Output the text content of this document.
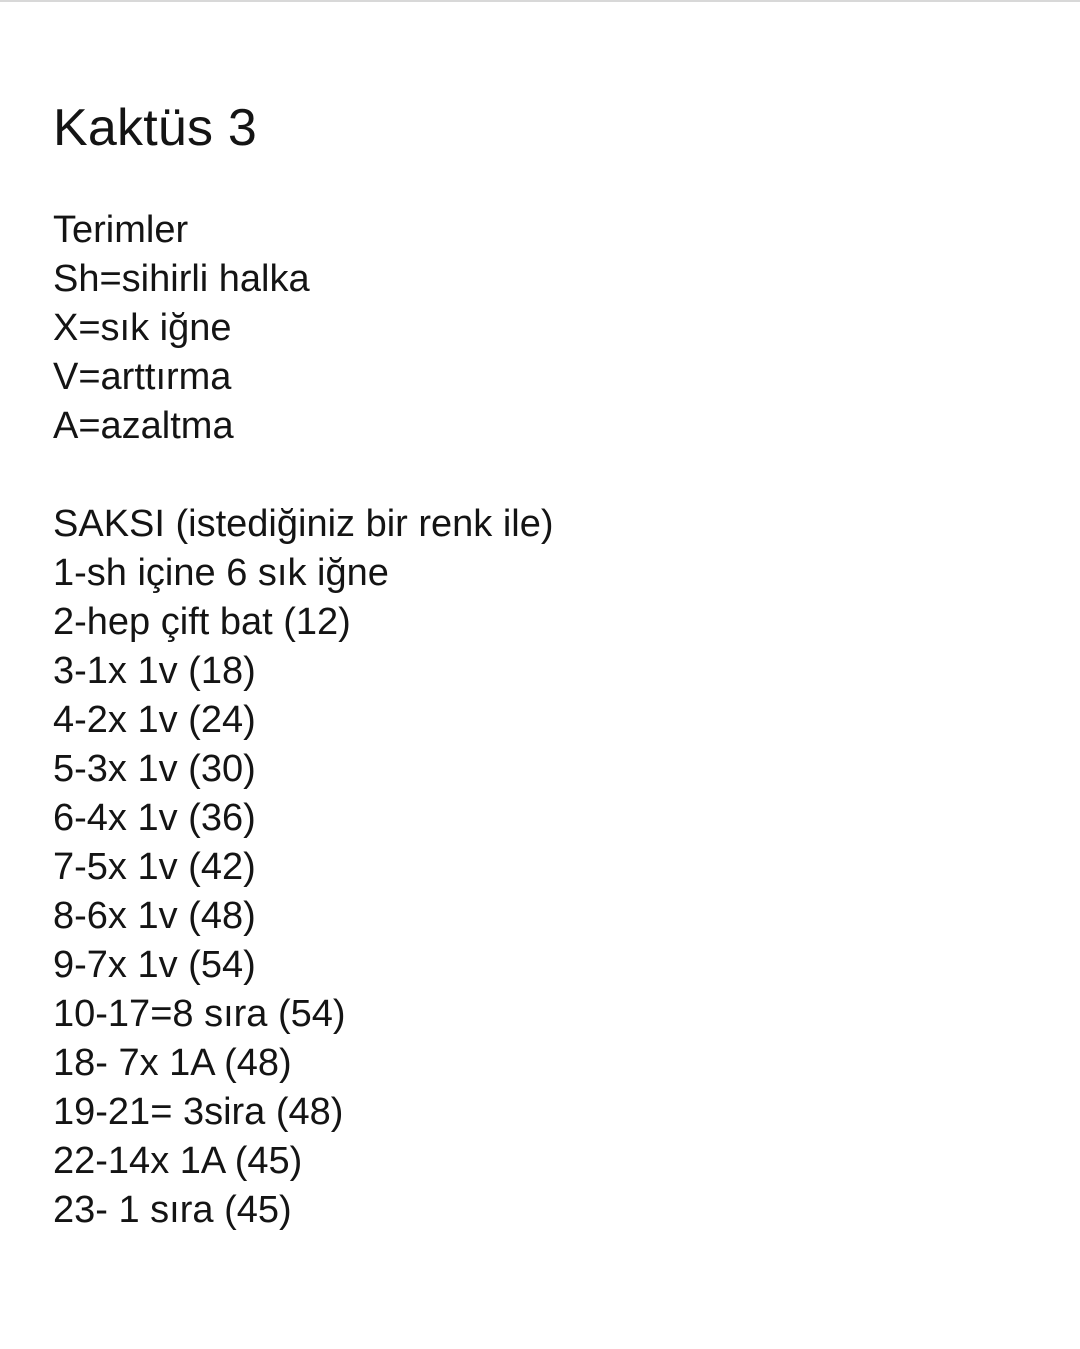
Kaktüs 3
Terimler
Sh=sihirli halka
X=sık iğne
V=arttırma
A=azaltma
SAKSI (istediğiniz bir renk ile)
1-sh içine 6 sık iğne
2-hep çift bat (12)
3-1x 1v (18)
4-2x 1v (24)
5-3x 1v (30)
6-4x 1v (36)
7-5x 1v (42)
8-6x 1v (48)
9-7x 1v (54)
10-17=8 sıra (54)
18- 7x 1A (48)
19-21= 3sira (48)
22-14x 1A (45)
23- 1 sıra (45)
